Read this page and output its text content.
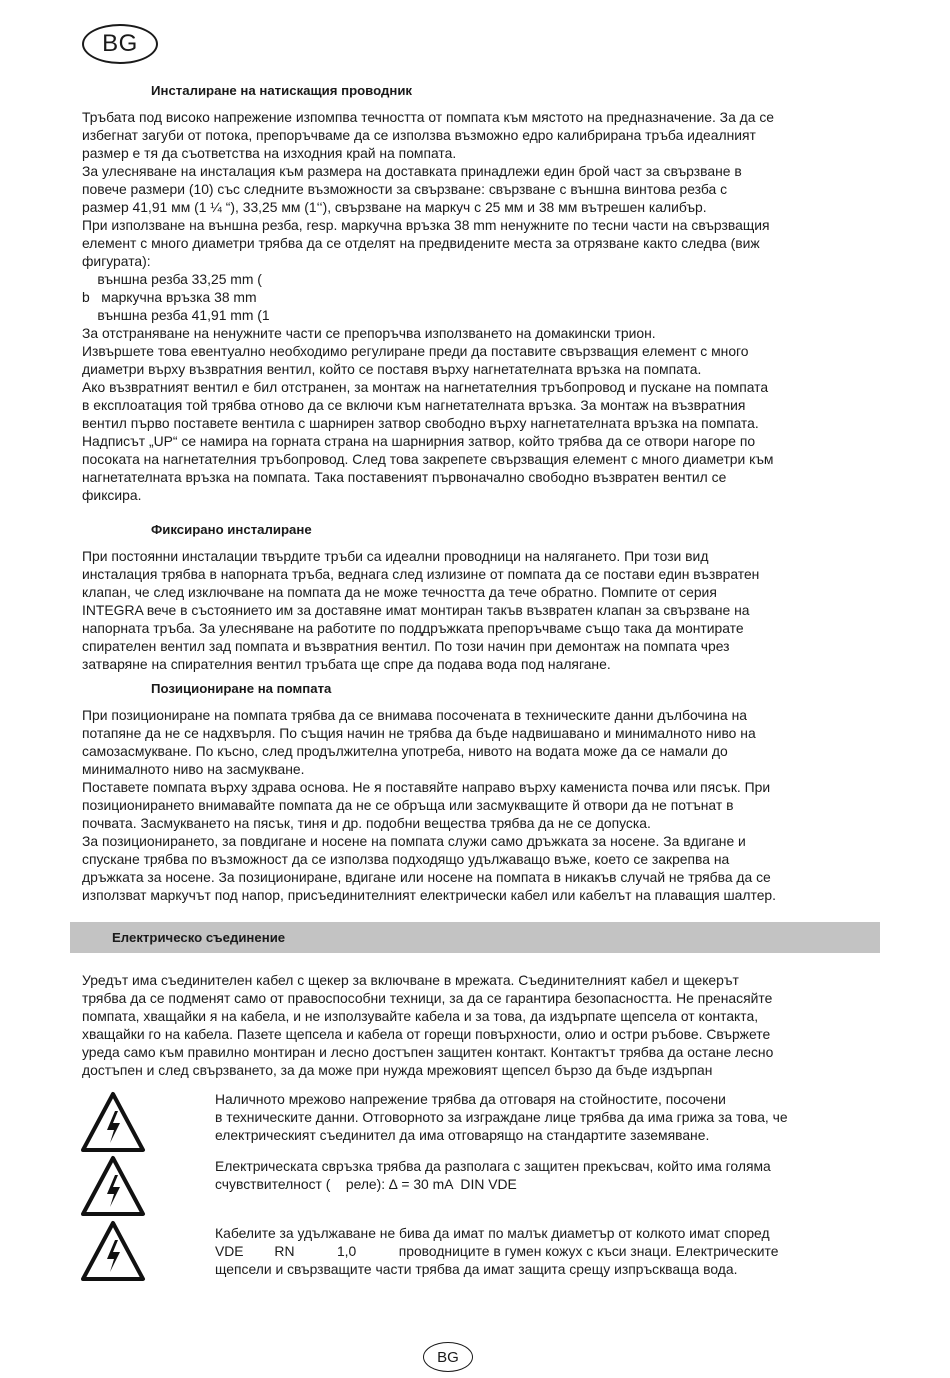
BG
Инсталиране на натискащия проводник
Тръбата под високо напрежение изпомпва течността от помпата към мястото на предназначение. За да се
избегнат загуби от потока, препоръчваме да се използва възможно едро калибрирана тръба идеалният
размер е тя да съответства на изходния край на помпата.
За улесняване на инсталация към размера на доставката принадлежи един брой част за свързване в
повече размери (10) със следните възможности за свързване: свързване с външна винтова резба с
размер 41,91 мм (1 ¼ “), 33,25 мм (1‘‘), свързване на маркуч с 25 мм и 38 мм вътрешен калибър.
При използване на външна резба, resp. маркучна връзка 38 mm ненужните по тесни части на свързващия
елемент с много диаметри трябва да се отделят на предвидените места за отрязване както следва (виж
фигурата):
външна резба 33,25 mm (
b   маркучна връзка 38 mm
външна резба 41,91 mm (1
За отстраняване на ненужните части се препоръчва използването на домакински трион.
Извършете това евентуално необходимо регулиране преди да поставите свързващия елемент с много
диаметри върху възвратния вентил, който се поставя върху нагнетателната връзка на помпата.
Ако възвратният вентил е бил отстранен, за монтаж на нагнетателния тръбопровод и пускане на помпата
в експлоатация той трябва отново да се включи към нагнетателната връзка. За монтаж на възвратния
вентил първо поставете вентила с шарнирен затвор свободно върху нагнетателната връзка на помпата.
Надписът „UP“ се намира на горната страна на шарнирния затвор, който трябва да се отвори нагоре по
посоката на нагнетателния тръбопровод. След това закрепете свързващия елемент с много диаметри към
нагнетателната връзка на помпата. Така поставеният първоначално свободно възвратен вентил се
фиксира.
Фиксирано инсталиране
При постоянни инсталации твърдите тръби са идеални проводници на налягането. При този вид
инсталация трябва в напорната тръба, веднага след излизине от помпата да се постави един възвратен
клапан, че след изключване на помпата да не може течността да тече обратно. Помпите от серия
INTEGRA вече в състоянието им за доставяне имат монтиран такъв възвратен клапан за свързване на
напорната тръба. За улесняване на работите по поддръжката препоръчваме също така да монтирате
спирателен вентил зад помпата и възвратния вентил. По този начин при демонтаж на помпата чрез
затваряне на спирателния вентил тръбата ще спре да подава вода под налягане.
Позициониране на помпата
При позициониране на помпата трябва да се внимава посочената в техническите данни дълбочина на
потапяне да не се надхвърля. По същия начин не трябва да бъде надвишавано и минималното ниво на
самозасмукване. По късно, след продължителна употреба, нивото на водата може да се намали до
минималното ниво на засмукване.
Поставете помпата върху здрава основа. Не я поставяйте направо върху каменистa почва или пясък. При
позиционирането внимавайте помпата да не се обръща или засмукващите й отвори да не потънат в
почвата. Засмукването на пясък, тиня и др. подобни вещества трябва да не се допуска.
За позиционирането, за повдигане и носене на помпата служи само дръжката за носене. За вдигане и
спускане трябва по възможност да се използва подходящо удължаващо въже, което се закрепва на
дръжката за носене. За позициониране, вдигане или носене на помпата в никакъв случай не трябва да се
използват маркучът под напор, присъединителният електрически кабел или кабелът на плаващия шалтер.
Електрическо съединение
Уредът има съединителен кабел с щекер за включване в мрежата. Съединителният кабел и щекерът
трябва да се подменят само от правоспособни техници, за да се гарантира безопасността. Не пренасяйте
помпата, хващайки я на кабела, и не използувайте кабела и за това, да издърпате щепсела от контакта,
хващайки го на кабела. Пазете щепсела и кабела от горещи повърхности, олио и остри ръбове. Свържете
уреда само към правилно монтиран и лесно достъпен защитен контакт. Контактът трябва да остане лесно
достъпен и след свързването, за да може при нужда мрежовият щепсел бързо да бъде издърпан
Наличното мрежово напрежение трябва да отговаря на стойностите, посочени
в техническите данни. Отговорното за изграждане лице трябва да има грижа за това, че
електрическият съединител да има отговарящо на стандартите заземяване.
Електрическата свръзка трябва да разполага с защитен прекъсвач, който има голяма
счувствителност (    реле): ∆ = 30 mA  DIN VDE
Кабелите за удължаване не бива да имат по малък диаметър от колкото имат според
VDE        RN           1,0           проводниците в гумен кожух с къси знаци. Електрическите
щепсели и свързващите части трябва да имат защита срещу изпръскваща вода.
BG
